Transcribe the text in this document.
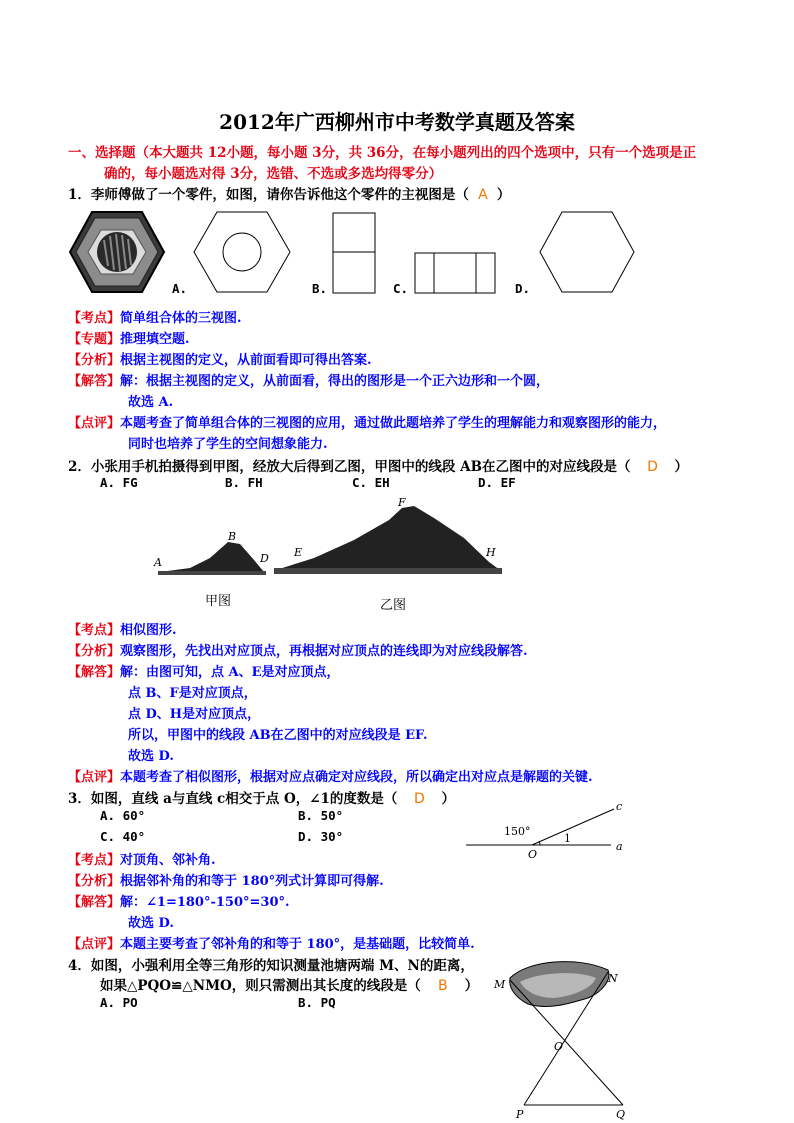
2012年广西柳州市中考数学真题及答案
一、选择题（本大题共 12小题，每小题 3分，共 36分，在每小题列出的四个选项中，只有一个选项是正
确的，每小题选对得 3分，选错、不选或多选均得零分）
1．李师傅做了一个零件，如图，请你告诉他这个零件的主视图是（ A ）
A.	B.	C.	D.
【考点】简单组合体的三视图.
【专题】推理填空题.
【分析】根据主视图的定义，从前面看即可得出答案.
【解答】解：根据主视图的定义，从前面看，得出的图形是一个正六边形和一个圆，
故选 A.
【点评】本题考查了简单组合体的三视图的应用，通过做此题培养了学生的理解能力和观察图形的能力，
同时也培养了学生的空间想象能力.
2．小张用手机拍摄得到甲图，经放大后得到乙图，甲图中的线段 AB在乙图中的对应线段是（ D ）
A. FG	B. FH	C. EH	D. EF
A
B
D
甲图
E
F
H
乙图
【考点】相似图形.
【分析】观察图形，先找出对应顶点，再根据对应顶点的连线即为对应线段解答.
【解答】解：由图可知，点 A、E是对应顶点，
点 B、F是对应顶点，
点 D、H是对应顶点，
所以，甲图中的线段 AB在乙图中的对应线段是 EF.
故选 D.
【点评】本题考查了相似图形，根据对应点确定对应线段，所以确定出对应点是解题的关键.
3．如图，直线 a与直线 c相交于点 O，∠1的度数是（ D ）
A. 60°	B. 50°
C. 40°	D. 30°	150°
1
O
a
c
【考点】对顶角、邻补角.
【分析】根据邻补角的和等于 180°列式计算即可得解.
【解答】解：∠1=180°-150°=30°.
故选 D.
【点评】本题主要考查了邻补角的和等于 180°，是基础题，比较简单.
4．如图，小强利用全等三角形的知识测量池塘两端 M、N的距离，
如果△PQO≌△NMO，则只需测出其长度的线段是（ B ）
A. PO	B. PQ
M	N
O
P	Q
